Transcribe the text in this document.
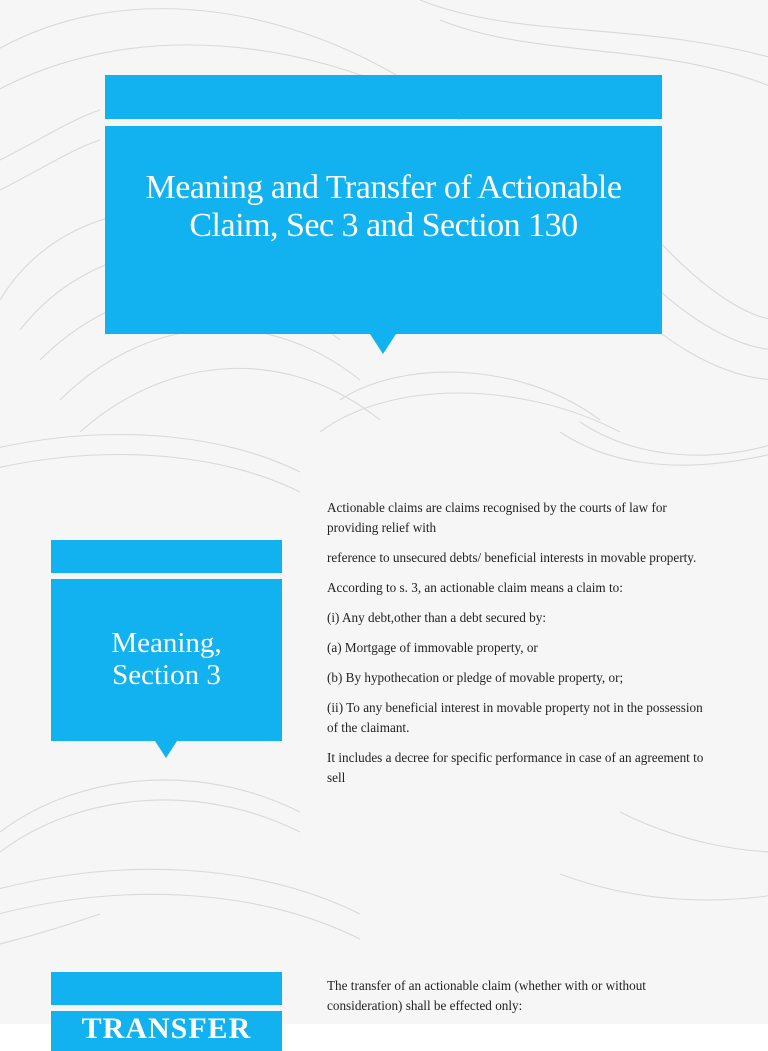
Meaning and Transfer of Actionable Claim, Sec 3 and Section 130
Meaning, Section 3

Actionable claims are claims recognised by the courts of law for providing relief with

reference to unsecured debts/ beneficial interests in movable property.

According to s. 3, an actionable claim means a claim to:

(i) Any debt,other than a debt secured by:

(a) Mortgage of immovable property, or

(b) By hypothecation or pledge of movable property, or;

(ii) To any beneficial interest in movable property not in the possession of the claimant.

It includes a decree for specific performance in case of an agreement to sell

TRANSFER

The transfer of an actionable claim (whether with or without consideration) shall be effected only:
